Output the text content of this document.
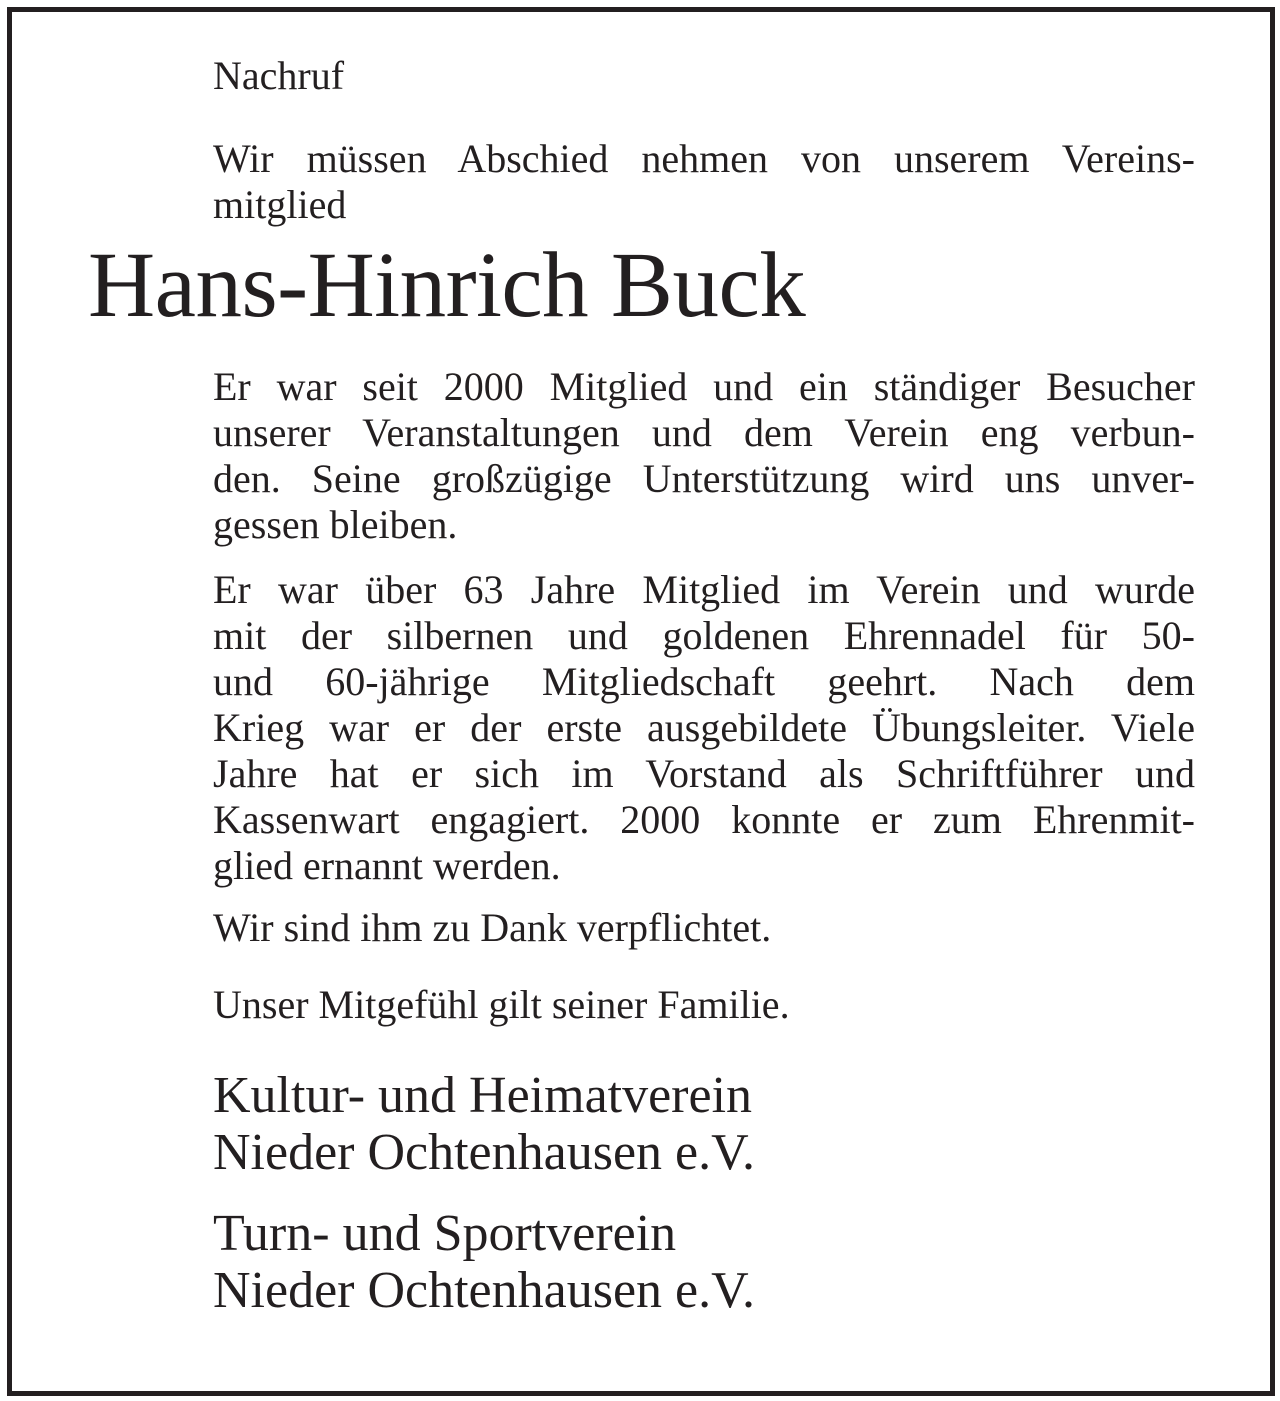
Nachruf
Wir müssen Abschied nehmen von unserem Vereins-
mitglied
Hans-Hinrich Buck
Er war seit 2000 Mitglied und ein ständiger Besucher
unserer Veranstaltungen und dem Verein eng verbun-
den. Seine großzügige Unterstützung wird uns unver-
gessen bleiben.
Er war über 63 Jahre Mitglied im Verein und wurde
mit der silbernen und goldenen Ehrennadel für 50-
und 60-jährige Mitgliedschaft geehrt. Nach dem
Krieg war er der erste ausgebildete Übungsleiter. Viele
Jahre hat er sich im Vorstand als Schriftführer und
Kassenwart engagiert. 2000 konnte er zum Ehrenmit-
glied ernannt werden.
Wir sind ihm zu Dank verpflichtet.
Unser Mitgefühl gilt seiner Familie.
Kultur- und Heimatverein
Nieder Ochtenhausen e.V.
Turn- und Sportverein
Nieder Ochtenhausen e.V.
